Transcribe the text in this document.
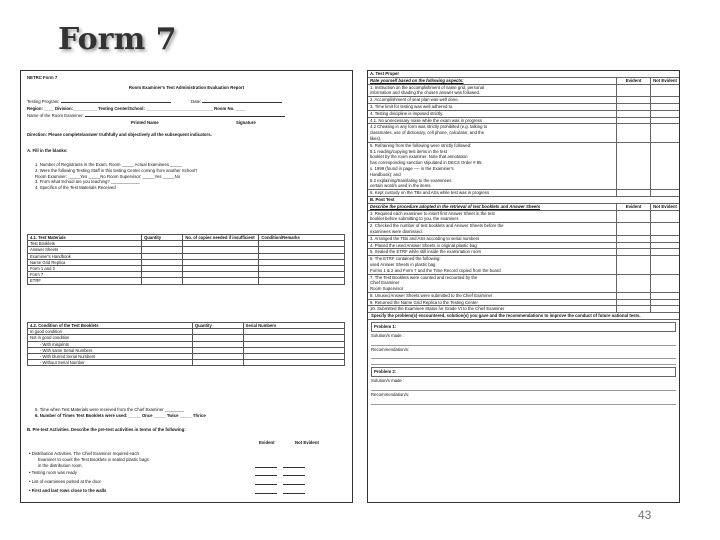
Form 7
NETRC Form 7
Room Examiner's Test Administration Evaluation Report
Testing Program:	Date:
Region: ____ Division:__________ Testing Center/School: ____________________________ Room No. ____
Name of the Room Examiner:
Printed Name	Signature
Direction: Please complete/answer truthfully and objectively all the subsequent indicators.
A. Fill in the blanks:
1. Number of Registrants in the Exam. Room _____ Actual Examinees _____
2. Were the following Testing Staff in this testing Center coming from another School?
Room Examiner: _____Yes _____No Room Supervisor: _____Yes _____No
3. From what School are you teaching? ____________
4. Specifics of the Test Materials Received
4.1. Test Materials	Quantity	No. of copies needed if insufficient	Condition/Remarks
Test Booklets			
Answer Sheets			
Examiner's Handbook			
Name Grid Replica			
Form 1 and 2			
Form 7			
ETRF			
4.2. Condition of the Test Booklets	Quantity	Serial Numbers
In good condition		
Not in good condition		
- With misprints		
- With same Serial Numbers		
- With blurred Serial Numbers		
- Without Serial Number		
5. Time when Test Materials were received from the Chief Examiner ________
6. Number of Times Test Booklets were used: _____ Once _____ Twice _____ Thrice
B. Pre-test Activities. Describe the pre-test activities in terms of the following:
Evident	Not Evident
• Distribution Activities. The Chief Examiner required each
Examiner to count the Test Booklets in sealed plastic bags
in the distribution room.
• Testing room was ready
• List of examinees posted at the door
• First and last rows close to the walls
A. Test Proper
Rate yourself based on the following aspects:	Evident	Not Evident
1. Instruction on the accomplishment of name grid, personal
information and shading the chosen answer was followed.
2. Accomplishment of seat plan was well done.
3. Time limit for testing was well adhered to.
4. Testing discipline is imposed strictly.
4.1. No unnecessary noise while the exam was in progress
4.2 Cheating in any form was strictly prohibited (e.g. talking to
classmates, use of dictionary, cell phone, calculator, and the
likes).
5. Refraining from the following were strictly followed:
5.1 reading/copying test items in the test
booklet by the room examiner. Note that annotation
has corresponding sanction stipulated in DECS Order # 85
s. 1999 (found in page ---- in the Examiner's
Handbook); and
5.2 explaining/translating to the examinees
certain word/s used in the items.
6. Kept custody on the TBs and ASs while test was in progress
B. Post Test
Describe the procedure adopted in the retrieval of test booklets and Answer Sheets	Evident	Not Evident
1. Required each examinee to insert first Answer Sheet in the test
booklet before submitting to you, the examiner.
2. Checked the number of test booklets and Answer Sheets before the
examinees were dismissed.
3. Arranged the TBs and ASs according to serial numbers
4. Placed the used Answer Sheets in original plastic bag
5. Sealed the ETRF while still inside the examination room
6. The ETRF contained the following:
used Answer Sheets in plastic bag
Forms 1 & 2 and Form 7 and the Time Record copied from the board
7. The Test Booklets were counted and recounted by the
Chief Examiner
Room Supervisor
8. Unused Answer Sheets were submitted to the Chief Examiner
9. Returned the Name Grid Replica to the Testing Center
10. Submitted the Examinee Status for Grade VI to the Chief Examiner
Specify the problem(s) encountered, solution(s) you gave and the recommendations to improve the conduct of future national tests.
Problem 1:
Solution/s made :
Recommendation/s:
Problem 2:
Solution/s made :
Recommendation/s:
43
